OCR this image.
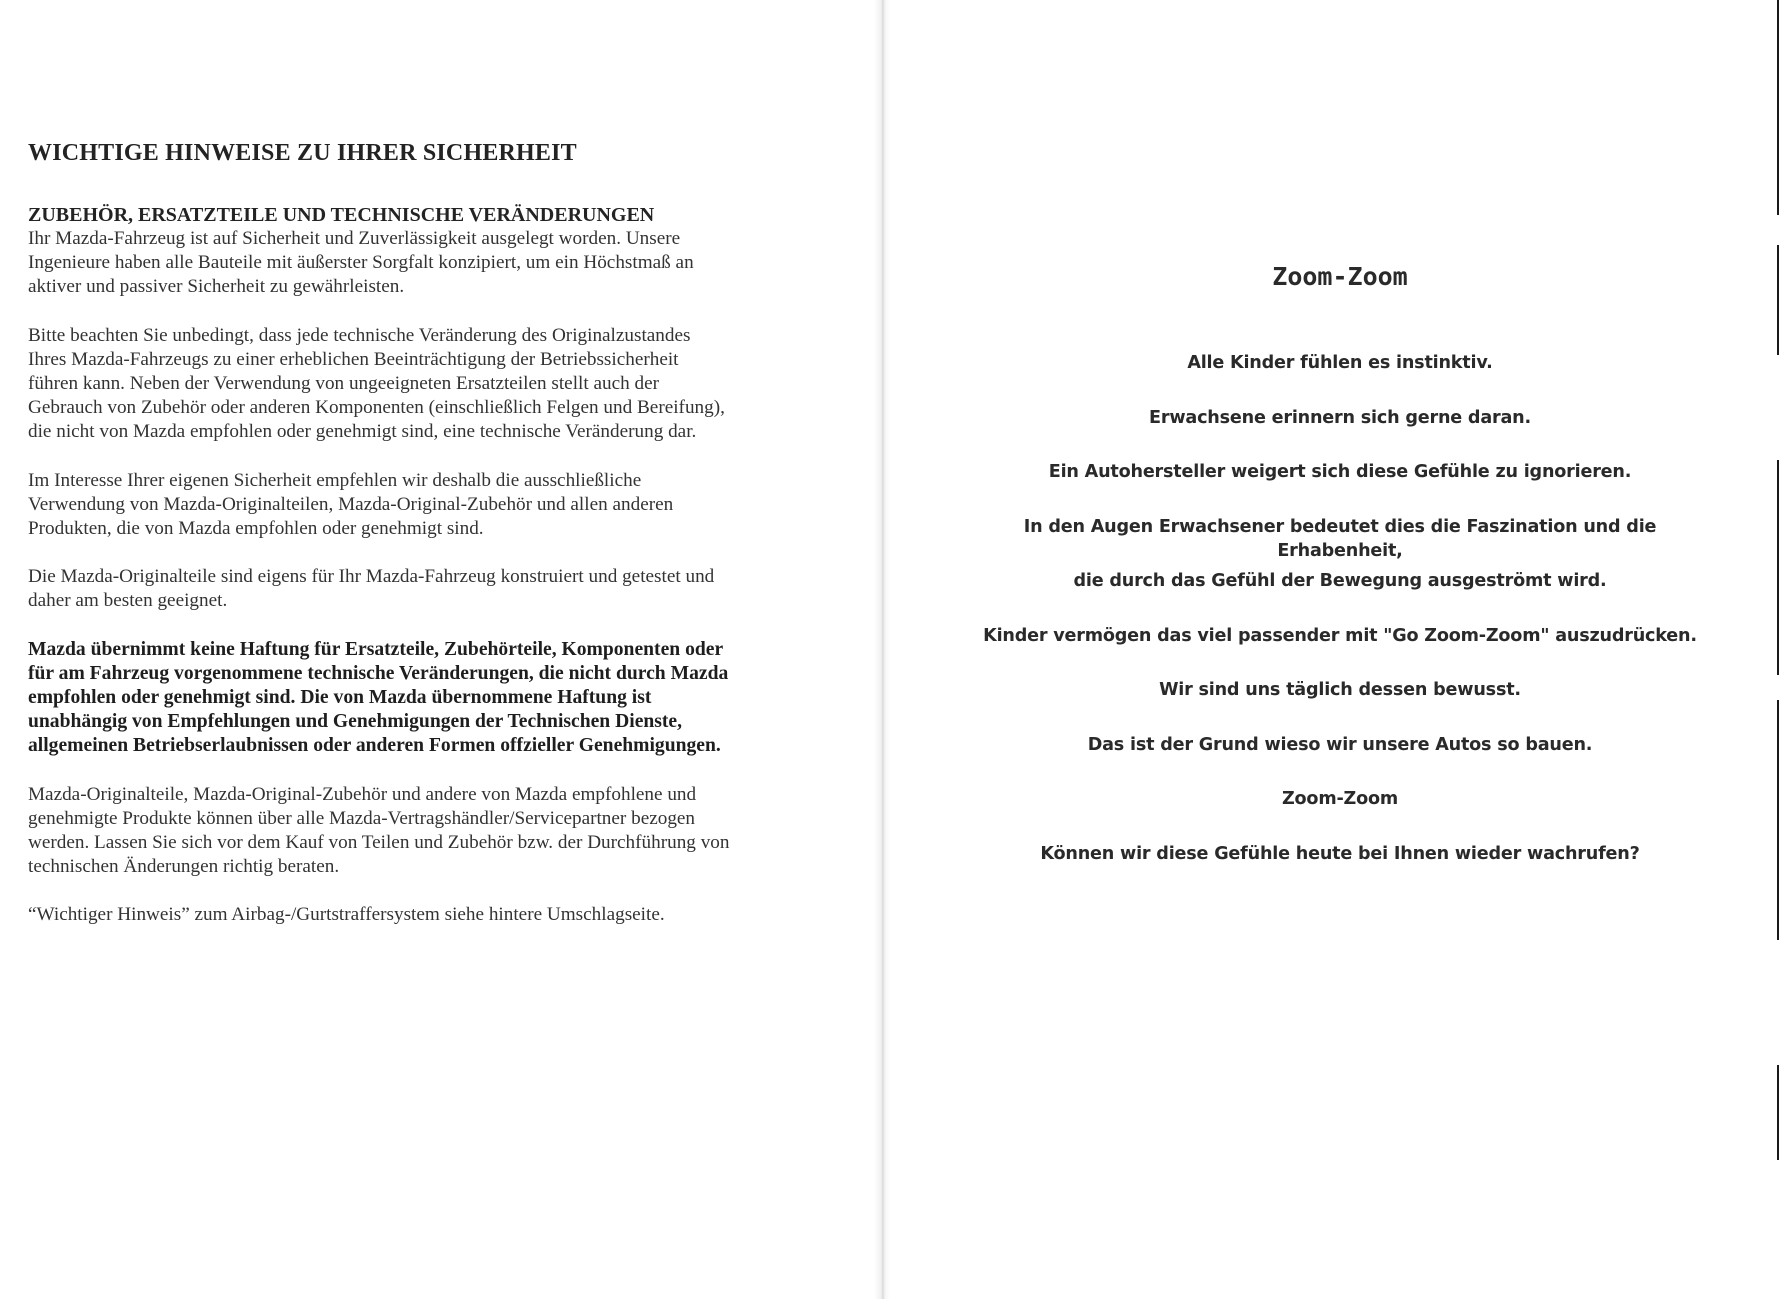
WICHTIGE HINWEISE ZU IHRER SICHERHEIT
ZUBEHÖR, ERSATZTEILE UND TECHNISCHE VERÄNDERUNGEN

Ihr Mazda-Fahrzeug ist auf Sicherheit und Zuverlässigkeit ausgelegt worden. Unsere
Ingenieure haben alle Bauteile mit äußerster Sorgfalt konzipiert, um ein Höchstmaß an
aktiver und passiver Sicherheit zu gewährleisten.

Bitte beachten Sie unbedingt, dass jede technische Veränderung des Originalzustandes
Ihres Mazda-Fahrzeugs zu einer erheblichen Beeinträchtigung der Betriebssicherheit
führen kann. Neben der Verwendung von ungeeigneten Ersatzteilen stellt auch der
Gebrauch von Zubehör oder anderen Komponenten (einschließlich Felgen und Bereifung),
die nicht von Mazda empfohlen oder genehmigt sind, eine technische Veränderung dar.

Im Interesse Ihrer eigenen Sicherheit empfehlen wir deshalb die ausschließliche
Verwendung von Mazda-Originalteilen, Mazda-Original-Zubehör und allen anderen
Produkten, die von Mazda empfohlen oder genehmigt sind.

Die Mazda-Originalteile sind eigens für Ihr Mazda-Fahrzeug konstruiert und getestet und
daher am besten geeignet.

Mazda übernimmt keine Haftung für Ersatzteile, Zubehörteile, Komponenten oder
für am Fahrzeug vorgenommene technische Veränderungen, die nicht durch Mazda
empfohlen oder genehmigt sind. Die von Mazda übernommene Haftung ist
unabhängig von Empfehlungen und Genehmigungen der Technischen Dienste,
allgemeinen Betriebserlaubnissen oder anderen Formen offzieller Genehmigungen.

Mazda-Originalteile, Mazda-Original-Zubehör und andere von Mazda empfohlene und
genehmigte Produkte können über alle Mazda-Vertragshändler/Servicepartner bezogen
werden. Lassen Sie sich vor dem Kauf von Teilen und Zubehör bzw. der Durchführung von
technischen Änderungen richtig beraten.

“Wichtiger Hinweis” zum Airbag-/Gurtstraffersystem siehe hintere Umschlagseite.

Zoom-Zoom

Alle Kinder fühlen es instinktiv.

Erwachsene erinnern sich gerne daran.

Ein Autohersteller weigert sich diese Gefühle zu ignorieren.

In den Augen Erwachsener bedeutet dies die Faszination und die Erhabenheit,

die durch das Gefühl der Bewegung ausgeströmt wird.

Kinder vermögen das viel passender mit "Go Zoom-Zoom" auszudrücken.

Wir sind uns täglich dessen bewusst.

Das ist der Grund wieso wir unsere Autos so bauen.

Zoom-Zoom

Können wir diese Gefühle heute bei Ihnen wieder wachrufen?
